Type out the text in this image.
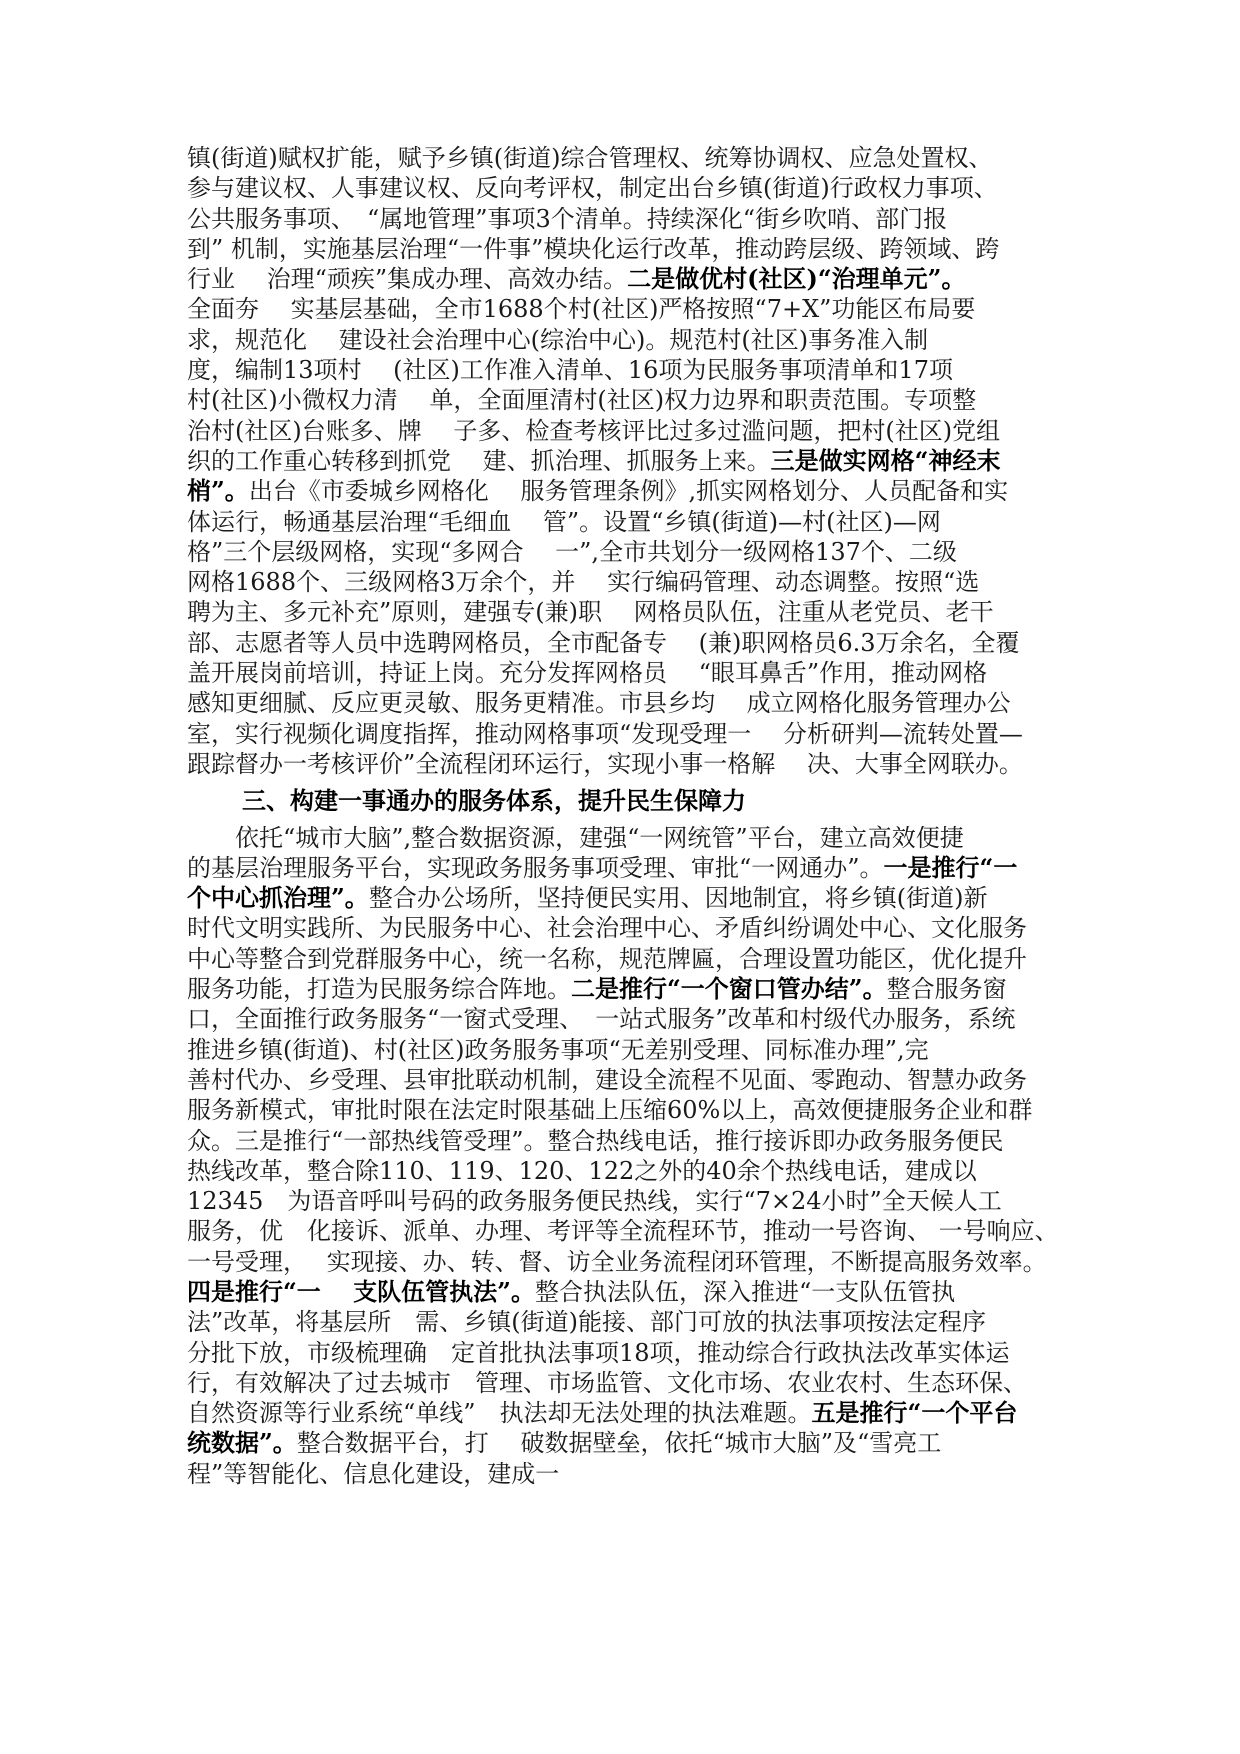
镇(街道)赋权扩能，赋予乡镇(街道)综合管理权、统筹协调权、应急处置权、
参与建议权、人事建议权、反向考评权，制定出台乡镇(街道)行政权力事项、
公共服务事项、　“属地管理”事项3个清单。持续深化“街乡吹哨、部门报
到” 机制，实施基层治理“一件事”模块化运行改革，推动跨层级、跨领域、跨
行业　 治理“顽疾”集成办理、高效办结。二是做优村(社区)“治理单元”。
全面夯　 实基层基础，全市1688个村(社区)严格按照“7+X”功能区布局要
求，规范化　 建设社会治理中心(综治中心)。规范村(社区)事务准入制
度，编制13项村　 (社区)工作准入清单、16项为民服务事项清单和17项
村(社区)小微权力清　 单，全面厘清村(社区)权力边界和职责范围。专项整
治村(社区)台账多、牌　 子多、检查考核评比过多过滥问题，把村(社区)党组
织的工作重心转移到抓党　 建、抓治理、抓服务上来。三是做实网格“神经末
梢”。出台《市委城乡网格化　 服务管理条例》,抓实网格划分、人员配备和实
体运行，畅通基层治理“毛细血　 管”。设置“乡镇(街道)—村(社区)—网
格”三个层级网格，实现“多网合　 一”,全市共划分一级网格137个、二级
网格1688个、三级网格3万余个，并　 实行编码管理、动态调整。按照“选
聘为主、多元补充”原则，建强专(兼)职　 网格员队伍，注重从老党员、老干
部、志愿者等人员中选聘网格员，全市配备专　 (兼)职网格员6.3万余名，全覆
盖开展岗前培训，持证上岗。充分发挥网格员　 “眼耳鼻舌”作用，推动网格
感知更细腻、反应更灵敏、服务更精准。市县乡均　 成立网格化服务管理办公
室，实行视频化调度指挥，推动网格事项“发现受理一　 分析研判—流转处置—
跟踪督办一考核评价”全流程闭环运行，实现小事一格解　 决、大事全网联办。
三、构建一事通办的服务体系，提升民生保障力
依托“城市大脑”,整合数据资源，建强“一网统管”平台，建立高效便捷
的基层治理服务平台，实现政务服务事项受理、审批“一网通办”。一是推行“一
个中心抓治理”。整合办公场所，坚持便民实用、因地制宜，将乡镇(街道)新
时代文明实践所、为民服务中心、社会治理中心、矛盾纠纷调处中心、文化服务
中心等整合到党群服务中心，统一名称，规范牌匾，合理设置功能区，优化提升
服务功能，打造为民服务综合阵地。二是推行“一个窗口管办结”。整合服务窗
口，全面推行政务服务“一窗式受理、　一站式服务”改革和村级代办服务，系统
推进乡镇(街道)、村(社区)政务服务事项“无差别受理、同标准办理”,完
善村代办、乡受理、县审批联动机制，建设全流程不见面、零跑动、智慧办政务
服务新模式，审批时限在法定时限基础上压缩60%以上，高效便捷服务企业和群
众。三是推行“一部热线管受理”。整合热线电话，推行接诉即办政务服务便民
热线改革，整合除110、119、120、122之外的40余个热线电话，建成以
12345　为语音呼叫号码的政务服务便民热线，实行“7×24小时”全天候人工
服务，优　化接诉、派单、办理、考评等全流程环节，推动一号咨询、 一号响应、
一号受理，　 实现接、办、转、督、访全业务流程闭环管理，不断提高服务效率。
四是推行“一　 支队伍管执法”。整合执法队伍，深入推进“一支队伍管执
法”改革，将基层所　需、乡镇(街道)能接、部门可放的执法事项按法定程序
分批下放，市级梳理确　定首批执法事项18项，推动综合行政执法改革实体运
行，有效解决了过去城市　管理、市场监管、文化市场、农业农村、生态环保、
自然资源等行业系统“单线”　执法却无法处理的执法难题。五是推行“一个平台
统数据”。整合数据平台，打　 破数据壁垒，依托“城市大脑”及“雪亮工
程”等智能化、信息化建设，建成一
